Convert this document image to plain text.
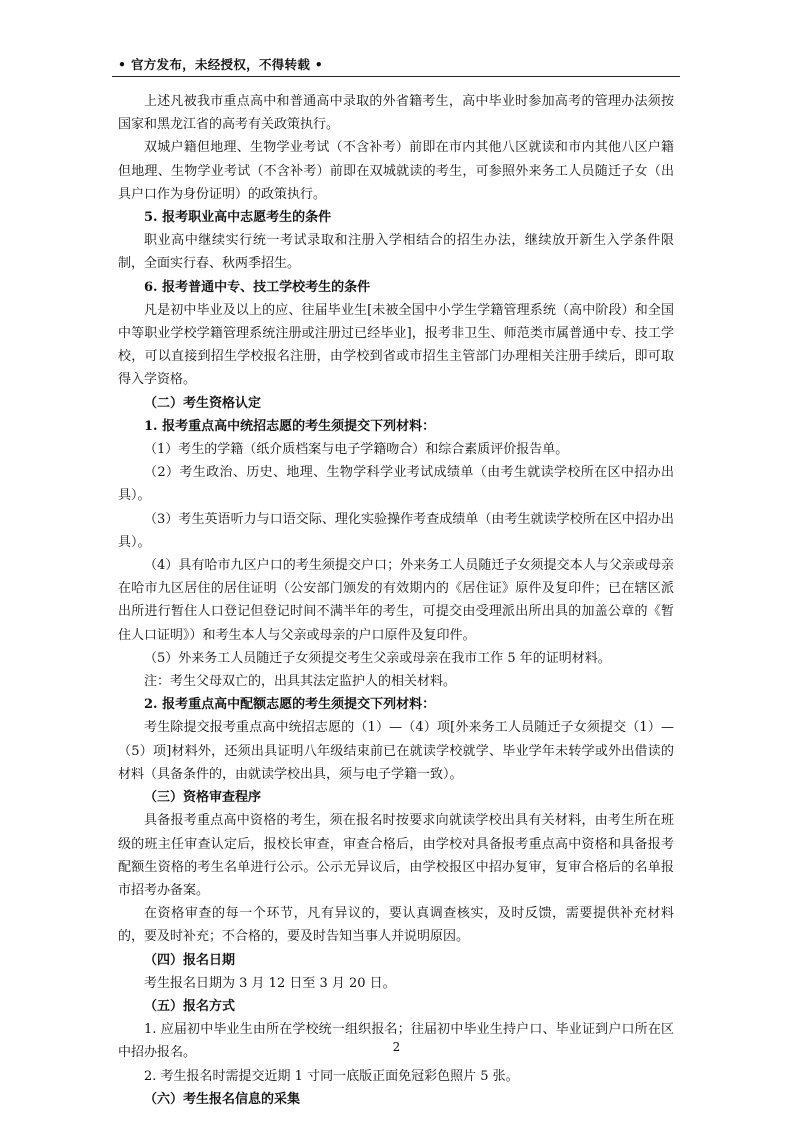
• 官方发布，未经授权，不得转载 •

上述凡被我市重点高中和普通高中录取的外省籍考生，高中毕业时参加高考的管理办法须按国家和黑龙江省的高考有关政策执行。

双城户籍但地理、生物学业考试（不含补考）前即在市内其他八区就读和市内其他八区户籍但地理、生物学业考试（不含补考）前即在双城就读的考生，可参照外来务工人员随迁子女（出具户口作为身份证明）的政策执行。

5. 报考职业高中志愿考生的条件

职业高中继续实行统一考试录取和注册入学相结合的招生办法，继续放开新生入学条件限制，全面实行春、秋两季招生。

6. 报考普通中专、技工学校考生的条件

凡是初中毕业及以上的应、往届毕业生[未被全国中小学生学籍管理系统（高中阶段）和全国中等职业学校学籍管理系统注册或注册过已经毕业]，报考非卫生、师范类市属普通中专、技工学校，可以直接到招生学校报名注册，由学校到省或市招生主管部门办理相关注册手续后，即可取得入学资格。

（二）考生资格认定

1. 报考重点高中统招志愿的考生须提交下列材料：

（1）考生的学籍（纸介质档案与电子学籍吻合）和综合素质评价报告单。

（2）考生政治、历史、地理、生物学科学业考试成绩单（由考生就读学校所在区中招办出具）。

（3）考生英语听力与口语交际、理化实验操作考查成绩单（由考生就读学校所在区中招办出具）。

（4）具有哈市九区户口的考生须提交户口；外来务工人员随迁子女须提交本人与父亲或母亲在哈市九区居住的居住证明（公安部门颁发的有效期内的《居住证》原件及复印件；已在辖区派出所进行暂住人口登记但登记时间不满半年的考生，可提交由受理派出所出具的加盖公章的《暂住人口证明》）和考生本人与父亲或母亲的户口原件及复印件。

（5）外来务工人员随迁子女须提交考生父亲或母亲在我市工作 5 年的证明材料。

注：考生父母双亡的，出具其法定监护人的相关材料。

2. 报考重点高中配额志愿的考生须提交下列材料：

考生除提交报考重点高中统招志愿的（1）—（4）项[外来务工人员随迁子女须提交（1）—（5）项]材料外，还须出具证明八年级结束前已在就读学校就学、毕业学年未转学或外出借读的材料（具备条件的，由就读学校出具，须与电子学籍一致）。

（三）资格审查程序

具备报考重点高中资格的考生，须在报名时按要求向就读学校出具有关材料，由考生所在班级的班主任审查认定后，报校长审查，审查合格后，由学校对具备报考重点高中资格和具备报考配额生资格的考生名单进行公示。公示无异议后，由学校报区中招办复审，复审合格后的名单报市招考办备案。

在资格审查的每一个环节，凡有异议的，要认真调查核实，及时反馈，需要提供补充材料的，要及时补充；不合格的，要及时告知当事人并说明原因。

（四）报名日期

考生报名日期为 3 月 12 日至 3 月 20 日。

（五）报名方式

1. 应届初中毕业生由所在学校统一组织报名；往届初中毕业生持户口、毕业证到户口所在区中招办报名。

2. 考生报名时需提交近期 1 寸同一底版正面免冠彩色照片 5 张。

（六）考生报名信息的采集

2
